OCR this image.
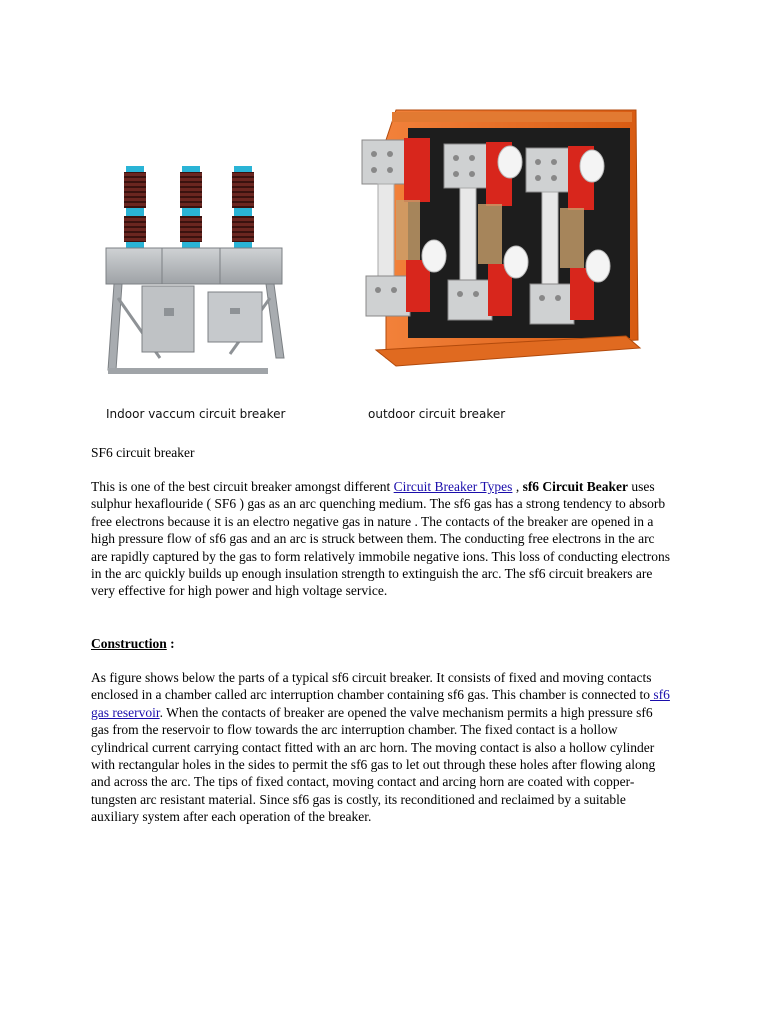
Indoor vaccum circuit breaker	outdoor circuit breaker
SF6 circuit breaker
This is one of the best circuit breaker amongst different Circuit Breaker Types , sf6 Circuit Beaker uses sulphur hexaflouride ( SF6 ) gas as an arc quenching medium. The sf6 gas has a strong tendency to absorb free electrons because it is an electro negative gas in nature . The contacts of the breaker are opened in a high pressure flow of sf6 gas and an arc is struck between them. The conducting free electrons in the arc are rapidly captured by the gas to form relatively immobile negative ions. This loss of conducting electrons in the arc quickly builds up enough insulation strength to extinguish the arc. The sf6 circuit breakers are very effective for high power and high voltage service.
Construction :
As figure shows below the parts of a typical sf6 circuit breaker. It consists of fixed and moving contacts enclosed in a chamber called arc interruption chamber containing sf6 gas. This chamber is connected to sf6 gas reservoir. When the contacts of breaker are opened the valve mechanism permits a high pressure sf6 gas from the reservoir to flow towards the arc interruption chamber. The fixed contact is a hollow cylindrical current carrying contact fitted with an arc horn. The moving contact is also a hollow cylinder with rectangular holes in the sides to permit the sf6 gas to let out through these holes after flowing along and across the arc. The tips of fixed contact, moving contact and arcing horn are coated with copper-tungsten arc resistant material. Since sf6 gas is costly, its reconditioned and reclaimed by a suitable auxiliary system after each operation of the breaker.
